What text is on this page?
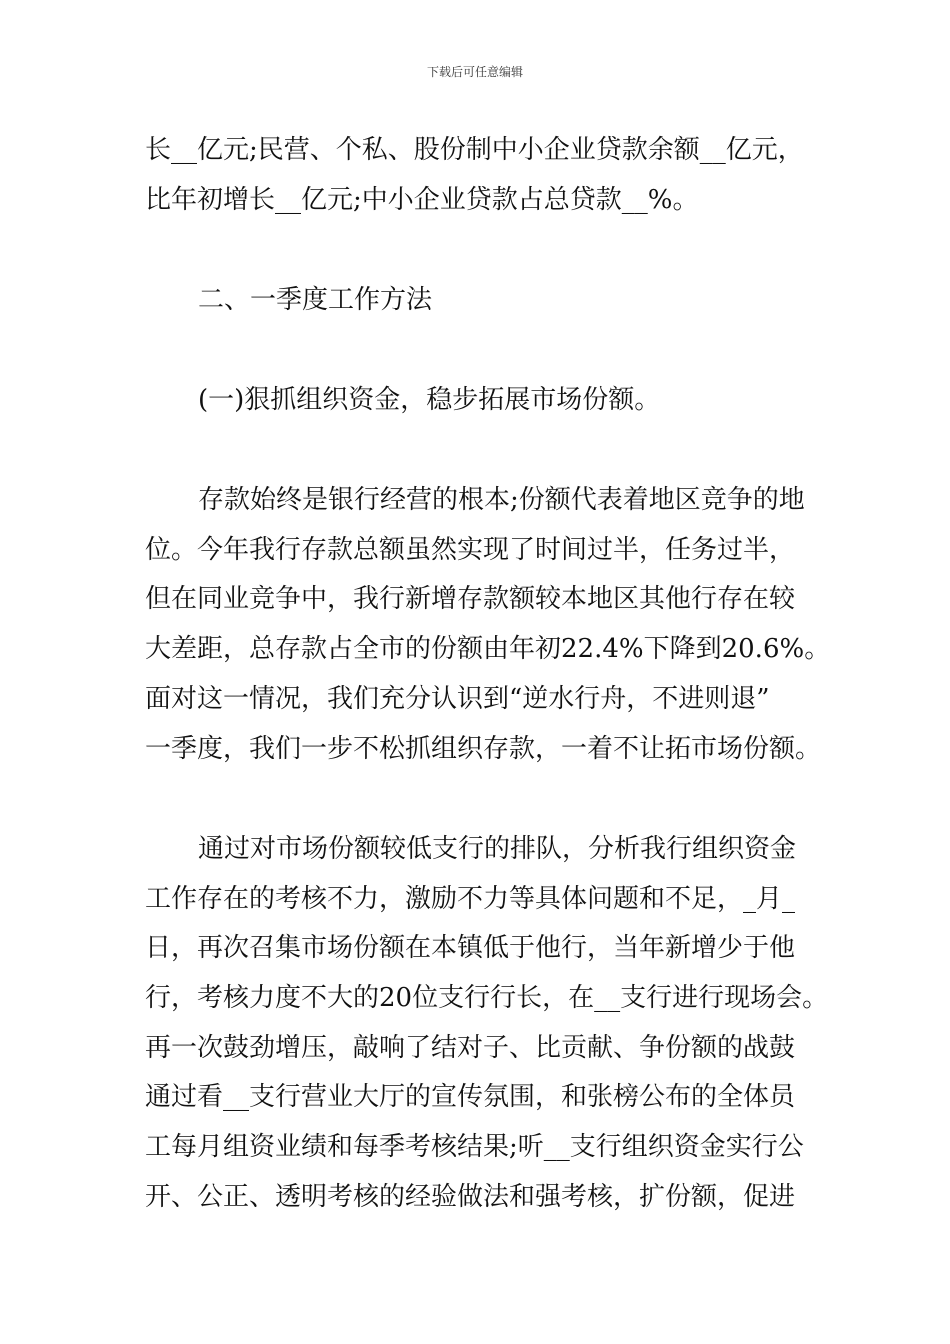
下载后可任意编辑
长__亿元;民营、个私、股份制中小企业贷款余额__亿元，
比年初增长__亿元;中小企业贷款占总贷款__%。
二、一季度工作方法
(一)狠抓组织资金，稳步拓展市场份额。
存款始终是银行经营的根本;份额代表着地区竞争的地
位。今年我行存款总额虽然实现了时间过半，任务过半，
但在同业竞争中，我行新增存款额较本地区其他行存在较
大差距，总存款占全市的份额由年初22.4%下降到20.6%。
面对这一情况，我们充分认识到“逆水行舟，不进则退”
一季度，我们一步不松抓组织存款，一着不让拓市场份额。
通过对市场份额较低支行的排队，分析我行组织资金
工作存在的考核不力，激励不力等具体问题和不足，_月_
日，再次召集市场份额在本镇低于他行，当年新增少于他
行，考核力度不大的20位支行行长，在__支行进行现场会。
再一次鼓劲增压，敲响了结对子、比贡献、争份额的战鼓
通过看__支行营业大厅的宣传氛围，和张榜公布的全体员
工每月组资业绩和每季考核结果;听__支行组织资金实行公
开、公正、透明考核的经验做法和强考核，扩份额，促进
